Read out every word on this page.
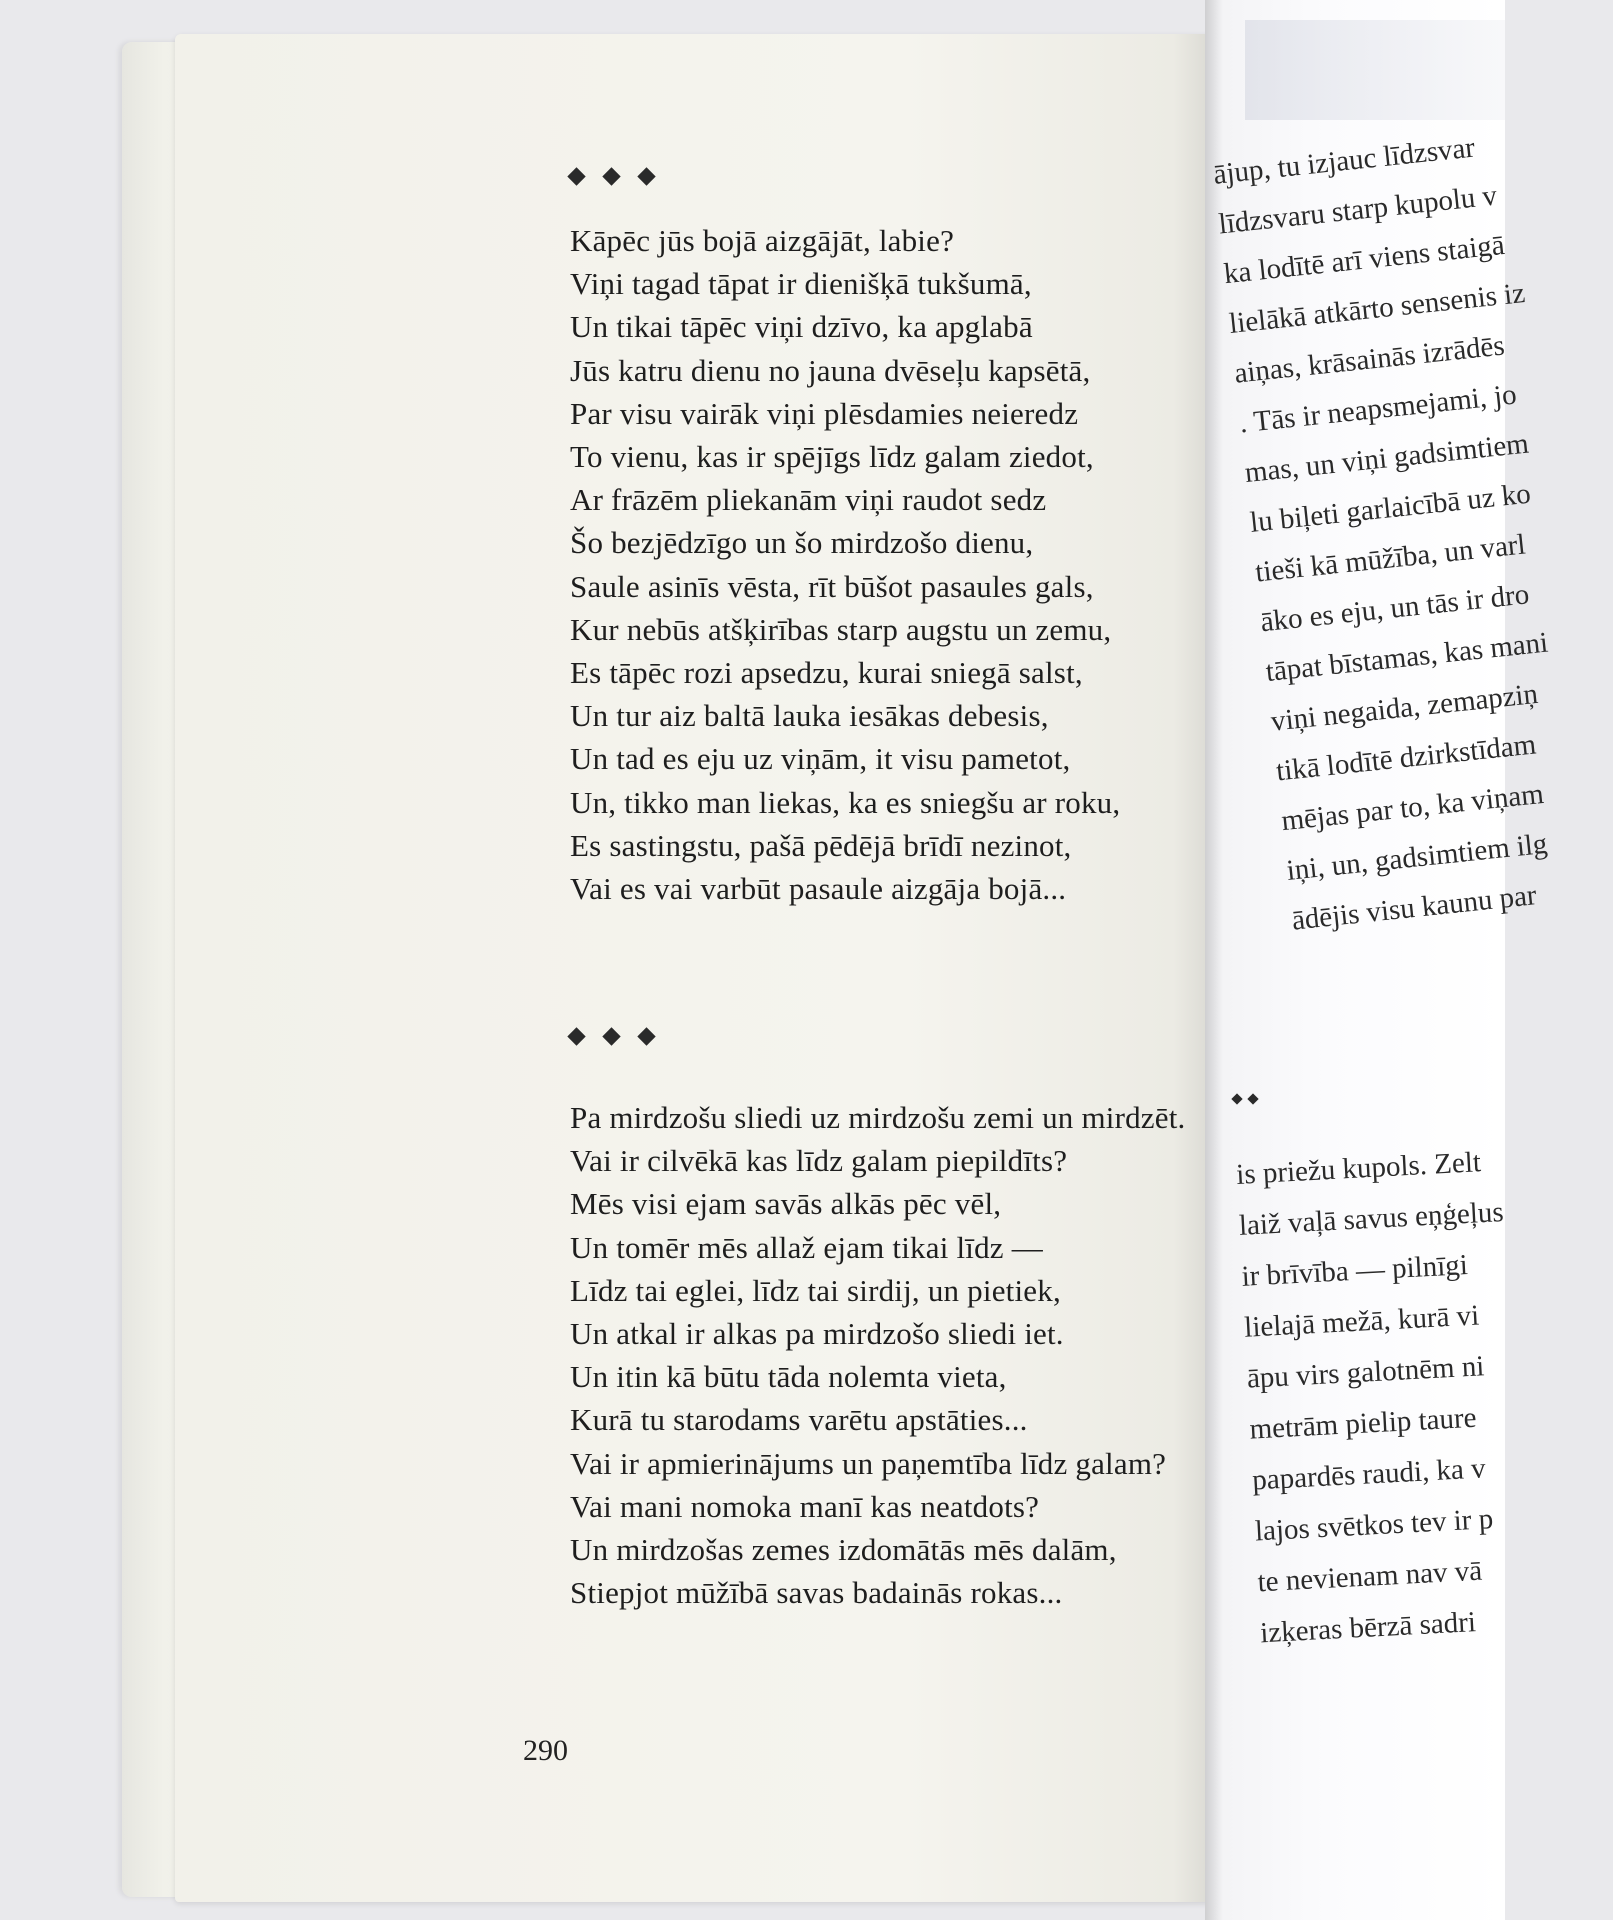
Kāpēc jūs bojā aizgājāt, labie?
Viņi tagad tāpat ir dienišķā tukšumā,
Un tikai tāpēc viņi dzīvo, ka apglabā
Jūs katru dienu no jauna dvēseļu kapsētā,
Par visu vairāk viņi plēsdamies neieredz
To vienu, kas ir spējīgs līdz galam ziedot,
Ar frāzēm pliekanām viņi raudot sedz
Šo bezjēdzīgo un šo mirdzošo dienu,
Saule asinīs vēsta, rīt būšot pasaules gals,
Kur nebūs atšķirības starp augstu un zemu,
Es tāpēc rozi apsedzu, kurai sniegā salst,
Un tur aiz baltā lauka iesākas debesis,
Un tad es eju uz viņām, it visu pametot,
Un, tikko man liekas, ka es sniegšu ar roku,
Es sastingstu, pašā pēdējā brīdī nezinot,
Vai es vai varbūt pasaule aizgāja bojā...
Pa mirdzošu sliedi uz mirdzošu zemi un mirdzēt.
Vai ir cilvēkā kas līdz galam piepildīts?
Mēs visi ejam savās alkās pēc vēl,
Un tomēr mēs allaž ejam tikai līdz —
Līdz tai eglei, līdz tai sirdij, un pietiek,
Un atkal ir alkas pa mirdzošo sliedi iet.
Un itin kā būtu tāda nolemta vieta,
Kurā tu starodams varētu apstāties...
Vai ir apmierinājums un paņemtība līdz galam?
Vai mani nomoka manī kas neatdots?
Un mirdzošas zemes izdomātās mēs dalām,
Stiepjot mūžībā savas badainās rokas...
290
ājup, tu izjauc līdzsvar
līdzsvaru starp kupolu v
ka lodītē arī viens staigā
lielākā atkārto sensenis iz
aiņas, krāsainās izrādēs
. Tās ir neapsmejami, jo
mas, un viņi gadsimtiem
lu biļeti garlaicībā uz ko
tieši kā mūžība, un varl
āko es eju, un tās ir dro
tāpat bīstamas, kas mani
viņi negaida, zemapziņ
tikā lodītē dzirkstīdam
mējas par to, ka viņam
iņi, un, gadsimtiem ilg
ādējis visu kaunu par
is priežu kupols. Zelt
laiž vaļā savus eņģeļus
ir brīvība — pilnīgi
lielajā mežā, kurā vi
āpu virs galotnēm ni
metrām pielip taure
papardēs raudi, ka v
lajos svētkos tev ir p
te nevienam nav vā
izķeras bērzā sadri
